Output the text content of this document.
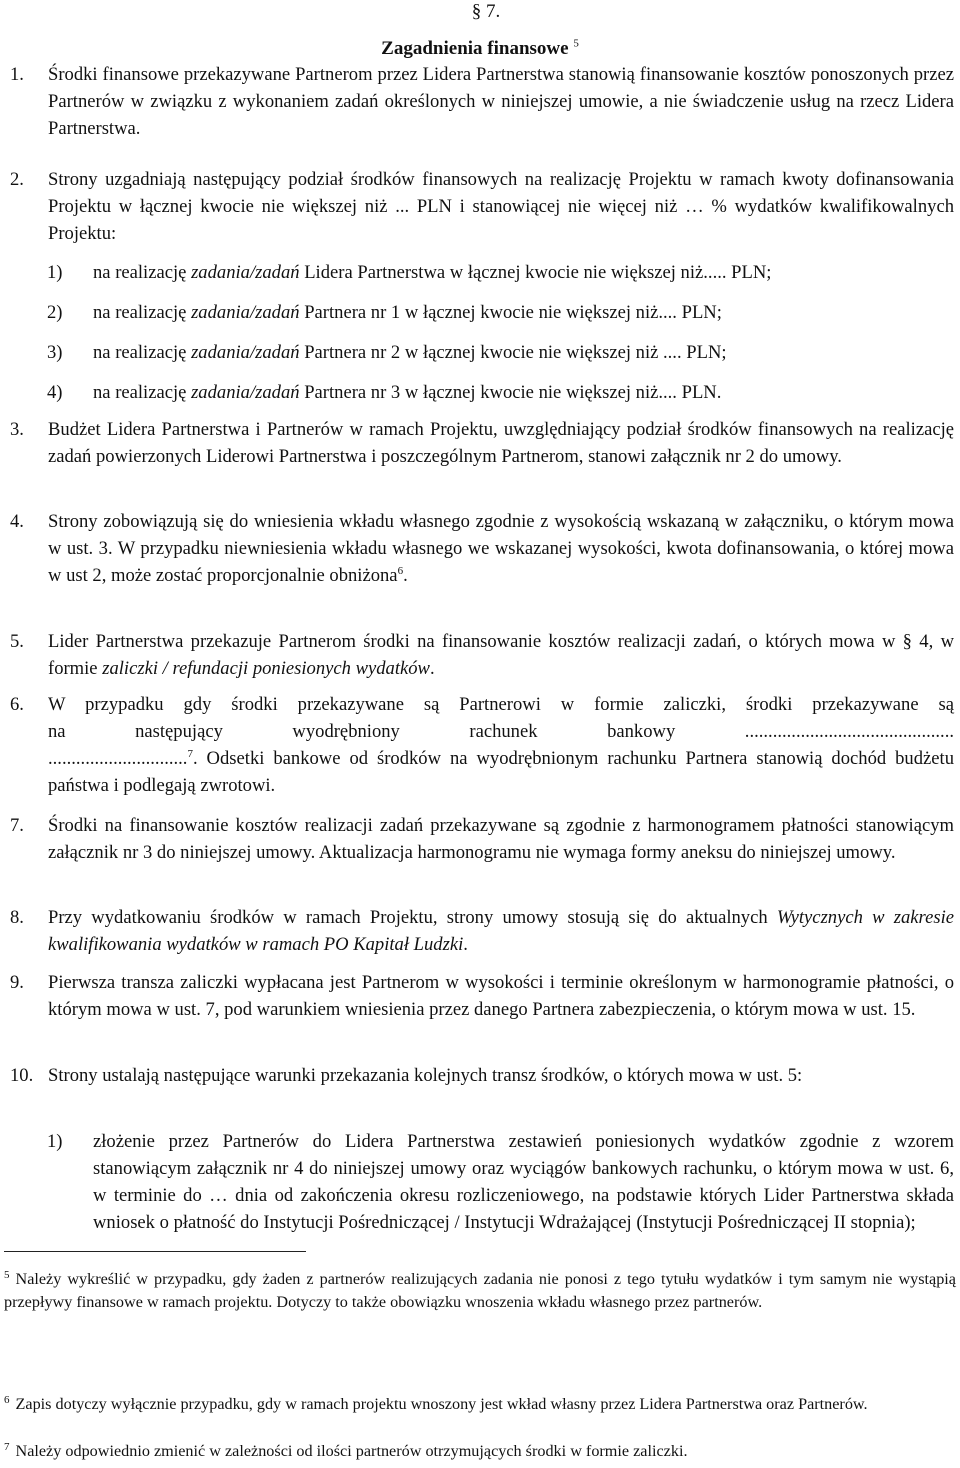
§ 7.
Zagadnienia finansowe $^5$
1. Środki finansowe przekazywane Partnerom przez Lidera Partnerstwa stanowią finansowanie kosztów ponoszonych przez Partnerów w związku z wykonaniem zadań określonych w niniejszej umowie, a nie świadczenie usług na rzecz Lidera Partnerstwa.
2. Strony uzgadniają następujący podział środków finansowych na realizację Projektu w ramach kwoty dofinansowania Projektu w łącznej kwocie nie większej niż ... PLN i stanowiącej nie więcej niż … % wydatków kwalifikowalnych Projektu:
1) na realizację zadania/zadań Lidera Partnerstwa w łącznej kwocie nie większej niż..... PLN;
2) na realizację zadania/zadań Partnera nr 1 w łącznej kwocie nie większej niż.... PLN;
3) na realizację zadania/zadań Partnera nr 2 w łącznej kwocie nie większej niż .... PLN;
4) na realizację zadania/zadań Partnera nr 3 w łącznej kwocie nie większej niż.... PLN.
3. Budżet Lidera Partnerstwa i Partnerów w ramach Projektu, uwzględniający podział środków finansowych na realizację zadań powierzonych Liderowi Partnerstwa i poszczególnym Partnerom, stanowi załącznik nr 2 do umowy.
4. Strony zobowiązują się do wniesienia wkładu własnego zgodnie z wysokością wskazaną w załączniku, o którym mowa w ust. 3. W przypadku niewniesienia wkładu własnego we wskazanej wysokości, kwota dofinansowania, o której mowa w ust 2, może zostać proporcjonalnie obniżona$^6$.
5. Lider Partnerstwa przekazuje Partnerom środki na finansowanie kosztów realizacji zadań, o których mowa w § 4, w formie zaliczki / refundacji poniesionych wydatków.
6. W przypadku gdy środki przekazywane są Partnerowi w formie zaliczki, środki przekazywane są
na następujący wyodrębniony rachunek bankowy .............................................
..............................$^7$. Odsetki bankowe od środków na wyodrębnionym rachunku Partnera stanowią dochód budżetu państwa i podlegają zwrotowi.
7. Środki na finansowanie kosztów realizacji zadań przekazywane są zgodnie z harmonogramem płatności stanowiącym załącznik nr 3 do niniejszej umowy. Aktualizacja harmonogramu nie wymaga formy aneksu do niniejszej umowy.
8. Przy wydatkowaniu środków w ramach Projektu, strony umowy stosują się do aktualnych Wytycznych w zakresie kwalifikowania wydatków w ramach PO Kapitał Ludzki.
9. Pierwsza transza zaliczki wypłacana jest Partnerom w wysokości i terminie określonym w harmonogramie płatności, o którym mowa w ust. 7, pod warunkiem wniesienia przez danego Partnera zabezpieczenia, o którym mowa w ust. 15.
10. Strony ustalają następujące warunki przekazania kolejnych transz środków, o których mowa w ust. 5:
1) złożenie przez Partnerów do Lidera Partnerstwa zestawień poniesionych wydatków zgodnie z wzorem stanowiącym załącznik nr 4 do niniejszej umowy oraz wyciągów bankowych rachunku, o którym mowa w ust. 6, w terminie do … dnia od zakończenia okresu rozliczeniowego, na podstawie których Lider Partnerstwa składa wniosek o płatność do Instytucji Pośredniczącej / Instytucji Wdrażającej (Instytucji Pośredniczącej II stopnia);
$^5$ Należy wykreślić w przypadku, gdy żaden z partnerów realizujących zadania nie ponosi z tego tytułu wydatków i tym samym nie wystąpią przepływy finansowe w ramach projektu. Dotyczy to także obowiązku wnoszenia wkładu własnego przez partnerów.
$^6$ Zapis dotyczy wyłącznie przypadku, gdy w ramach projektu wnoszony jest wkład własny przez Lidera Partnerstwa oraz Partnerów.
$^7$ Należy odpowiednio zmienić w zależności od ilości partnerów otrzymujących środki w formie zaliczki.
